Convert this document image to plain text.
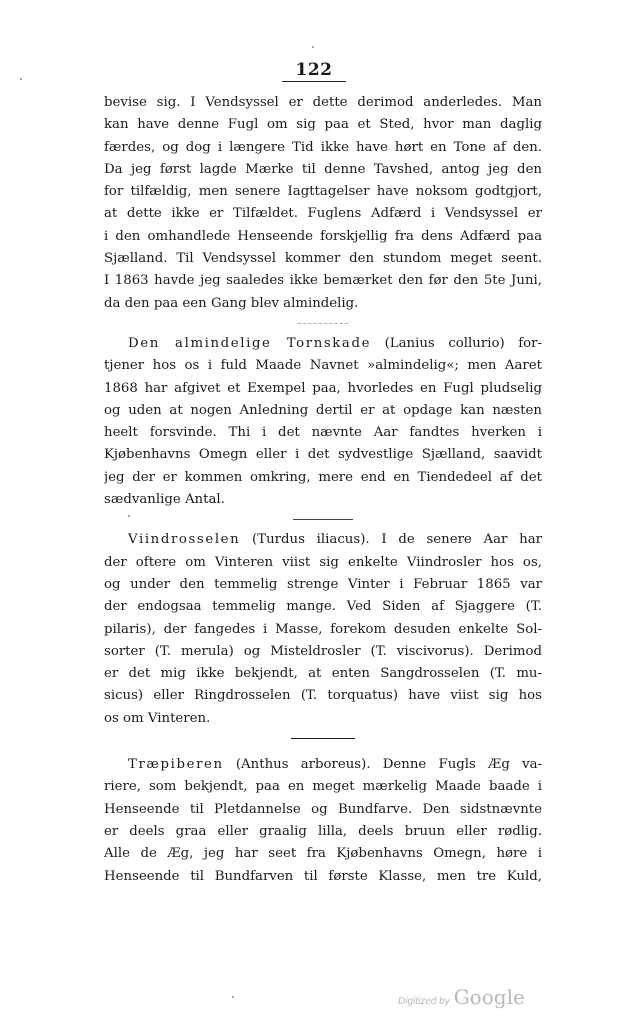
122
bevise sig. I Vendsyssel er dette derimod anderledes. Man
kan have denne Fugl om sig paa et Sted, hvor man daglig
færdes, og dog i længere Tid ikke have hørt en Tone af den.
Da jeg først lagde Mærke til denne Tavshed, antog jeg den
for tilfældig, men senere Iagttagelser have noksom godtgjort,
at dette ikke er Tilfældet. Fuglens Adfærd i Vendsyssel er
i den omhandlede Henseende forskjellig fra dens Adfærd paa
Sjælland. Til Vendsyssel kommer den stundom meget seent.
I 1863 havde jeg saaledes ikke bemærket den før den 5te Juni,
da den paa een Gang blev almindelig.
Den almindelige Tornskade (Lanius collurio) for-
tjener hos os i fuld Maade Navnet »almindelig«; men Aaret
1868 har afgivet et Exempel paa, hvorledes en Fugl pludselig
og uden at nogen Anledning dertil er at opdage kan næsten
heelt forsvinde. Thi i det nævnte Aar fandtes hverken i
Kjøbenhavns Omegn eller i det sydvestlige Sjælland, saavidt
jeg der er kommen omkring, mere end en Tiendedeel af det
sædvanlige Antal.
Viindrosselen (Turdus iliacus). I de senere Aar har
der oftere om Vinteren viist sig enkelte Viindrosler hos os,
og under den temmelig strenge Vinter i Februar 1865 var
der endogsaa temmelig mange. Ved Siden af Sjaggere (T.
pilaris), der fangedes i Masse, forekom desuden enkelte Sol-
sorter (T. merula) og Misteldrosler (T. viscivorus). Derimod
er det mig ikke bekjendt, at enten Sangdrosselen (T. mu-
sicus) eller Ringdrosselen (T. torquatus) have viist sig hos
os om Vinteren.
Træpiberen (Anthus arboreus). Denne Fugls Æg va-
riere, som bekjendt, paa en meget mærkelig Maade baade i
Henseende til Pletdannelse og Bundfarve. Den sidstnævnte
er deels graa eller graalig lilla, deels bruun eller rødlig.
Alle de Æg, jeg har seet fra Kjøbenhavns Omegn, høre i
Henseende til Bundfarven til første Klasse, men tre Kuld,
Digitized by Google
